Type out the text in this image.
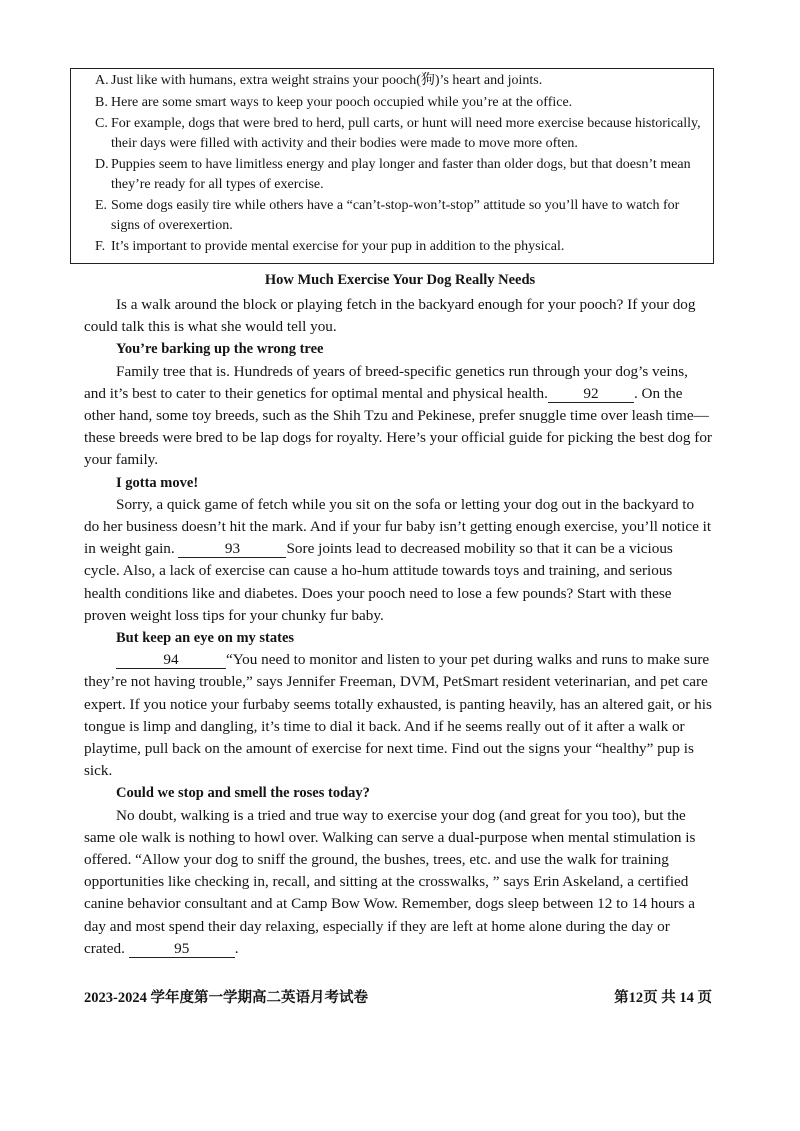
A. Just like with humans, extra weight strains your pooch(狗)’s heart and joints.
B. Here are some smart ways to keep your pooch occupied while you’re at the office.
C. For example, dogs that were bred to herd, pull carts, or hunt will need more exercise because historically, their days were filled with activity and their bodies were made to move more often.
D. Puppies seem to have limitless energy and play longer and faster than older dogs, but that doesn’t mean they’re ready for all types of exercise.
E. Some dogs easily tire while others have a “can’t-stop-won’t-stop” attitude so you’ll have to watch for signs of overexertion.
F. It’s important to provide mental exercise for your pup in addition to the physical.
How Much Exercise Your Dog Really Needs

Is a walk around the block or playing fetch in the backyard enough for your pooch? If your dog could talk this is what she would tell you.

You’re barking up the wrong tree

Family tree that is. Hundreds of years of breed-specific genetics run through your dog’s veins, and it’s best to cater to their genetics for optimal mental and physical health. 92 . On the other hand, some toy breeds, such as the Shih Tzu and Pekinese, prefer snuggle time over leash time—these breeds were bred to be lap dogs for royalty. Here’s your official guide for picking the best dog for your family.

I gotta move!

Sorry, a quick game of fetch while you sit on the sofa or letting your dog out in the backyard to do her business doesn’t hit the mark. And if your fur baby isn’t getting enough exercise, you’ll notice it in weight gain.	93	Sore joints lead to decreased mobility so that it can be a vicious cycle. Also, a lack of exercise can cause a ho-hum attitude towards toys and training, and serious health conditions like and diabetes. Does your pooch need to lose a few pounds? Start with these proven weight loss tips for your chunky fur baby.

But keep an eye on my states

94	“You need to monitor and listen to your pet during walks and runs to make sure they’re not having trouble,” says Jennifer Freeman, DVM, PetSmart resident veterinarian, and pet care expert. If you notice your furbaby seems totally exhausted, is panting heavily, has an altered gait, or his tongue is limp and dangling, it’s time to dial it back. And if he seems really out of it after a walk or playtime, pull back on the amount of exercise for next time. Find out the signs your “healthy” pup is sick.

Could we stop and smell the roses today?

No doubt, walking is a tried and true way to exercise your dog (and great for you too), but the same ole walk is nothing to howl over. Walking can serve a dual-purpose when mental stimulation is offered. “Allow your dog to sniff the ground, the bushes, trees, etc. and use the walk for training opportunities like checking in, recall, and sitting at the crosswalks, ” says Erin Askeland, a certified canine behavior consultant and at Camp Bow Wow. Remember, dogs sleep between 12 to 14 hours a day and most spend their day relaxing, especially if they are left at home alone during the day or crated.	95	.

2023-2024 学年度第一学期高二英语月考试卷	第12页 共 14 页
